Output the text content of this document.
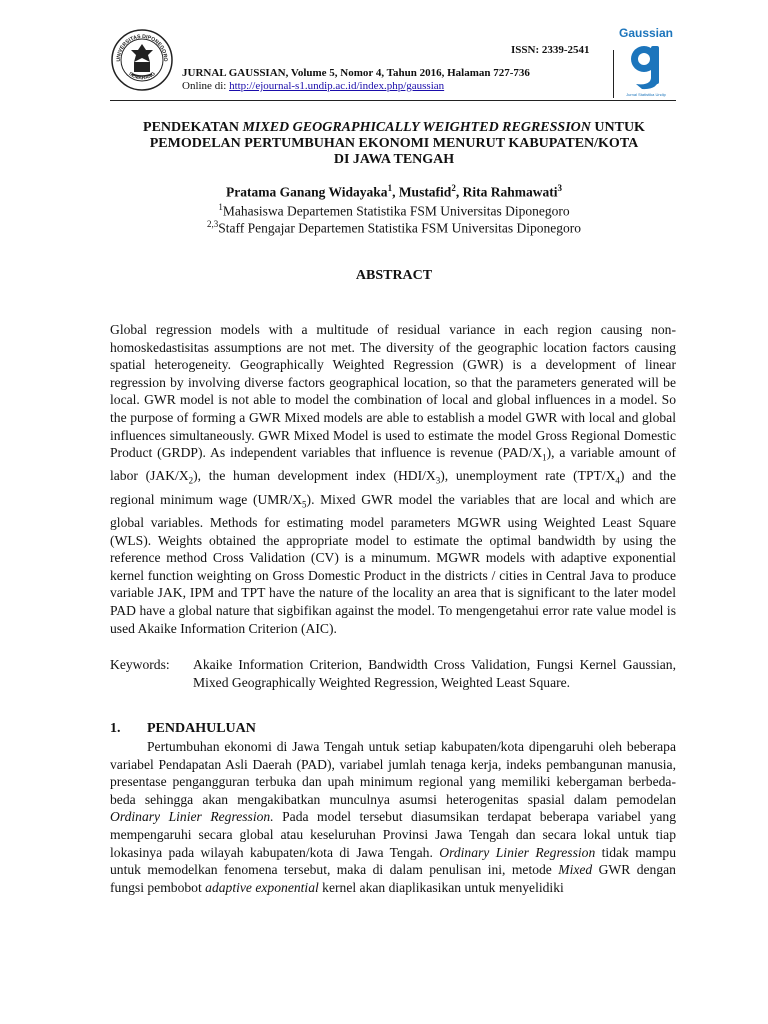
UNIVERSITAS DIPONEGORO
SEMARANG
ISSN: 2339-2541
JURNAL GAUSSIAN, Volume 5, Nomor 4, Tahun 2016, Halaman 727-736
Online di: http://ejournal-s1.undip.ac.id/index.php/gaussian
Gaussian
Jurnal Statistika Undip
PENDEKATAN MIXED GEOGRAPHICALLY WEIGHTED REGRESSION UNTUK
PEMODELAN PERTUMBUHAN EKONOMI MENURUT KABUPATEN/KOTA
DI JAWA TENGAH
Pratama Ganang Widayaka$^1$, Mustafid$^2$, Rita Rahmawati$^3$
$^1$Mahasiswa Departemen Statistika FSM Universitas Diponegoro
$^{2,3}$Staff Pengajar Departemen Statistika FSM Universitas Diponegoro
ABSTRACT
Global regression models with a multitude of residual variance in each region causing non-homoskedastisitas assumptions are not met. The diversity of the geographic location factors causing spatial heterogeneity. Geographically Weighted Regression (GWR) is a development of linear regression by involving diverse factors geographical location, so that the parameters generated will be local. GWR model is not able to model the combination of local and global influences in a model. So the purpose of forming a GWR Mixed models are able to establish a model GWR with local and global influences simultaneously. GWR Mixed Model is used to estimate the model Gross Regional Domestic Product (GRDP). As independent variables that influence is revenue $(PAD/X_1)$, a variable amount of labor $(JAK/X_2)$, the human development index $(HDI/X_3)$, unemployment rate $(TPT/X_4)$ and the regional minimum wage $(UMR/X_5)$. Mixed GWR model the variables that are local and which are global variables. Methods for estimating model parameters MGWR using Weighted Least Square (WLS). Weights obtained the appropriate model to estimate the optimal bandwidth by using the reference method Cross Validation (CV) is a minumum. MGWR models with adaptive exponential kernel function weighting on Gross Domestic Product in the districts / cities in Central Java to produce variable JAK, IPM and TPT have the nature of the locality an area that is significant to the later model PAD have a global nature that sigbifikan against the model. To mengengetahui error rate value model is used Akaike Information Criterion (AIC).
Keywords: Akaike Information Criterion, Bandwidth Cross Validation, Fungsi Kernel Gaussian, Mixed Geographically Weighted Regression, Weighted Least Square.
1. PENDAHULUAN
Pertumbuhan ekonomi di Jawa Tengah untuk setiap kabupaten/kota dipengaruhi oleh beberapa variabel Pendapatan Asli Daerah (PAD), variabel jumlah tenaga kerja, indeks pembangunan manusia, presentase pengangguran terbuka dan upah minimum regional yang memiliki kebergaman berbeda-beda sehingga akan mengakibatkan munculnya asumsi heterogenitas spasial dalam pemodelan Ordinary Linier Regression. Pada model tersebut diasumsikan terdapat beberapa variabel yang mempengaruhi secara global atau keseluruhan Provinsi Jawa Tengah dan secara lokal untuk tiap lokasinya pada wilayah kabupaten/kota di Jawa Tengah. Ordinary Linier Regression tidak mampu untuk memodelkan fenomena tersebut, maka di dalam penulisan ini, metode Mixed GWR dengan fungsi pembobot adaptive exponential kernel akan diaplikasikan untuk menyelidiki
